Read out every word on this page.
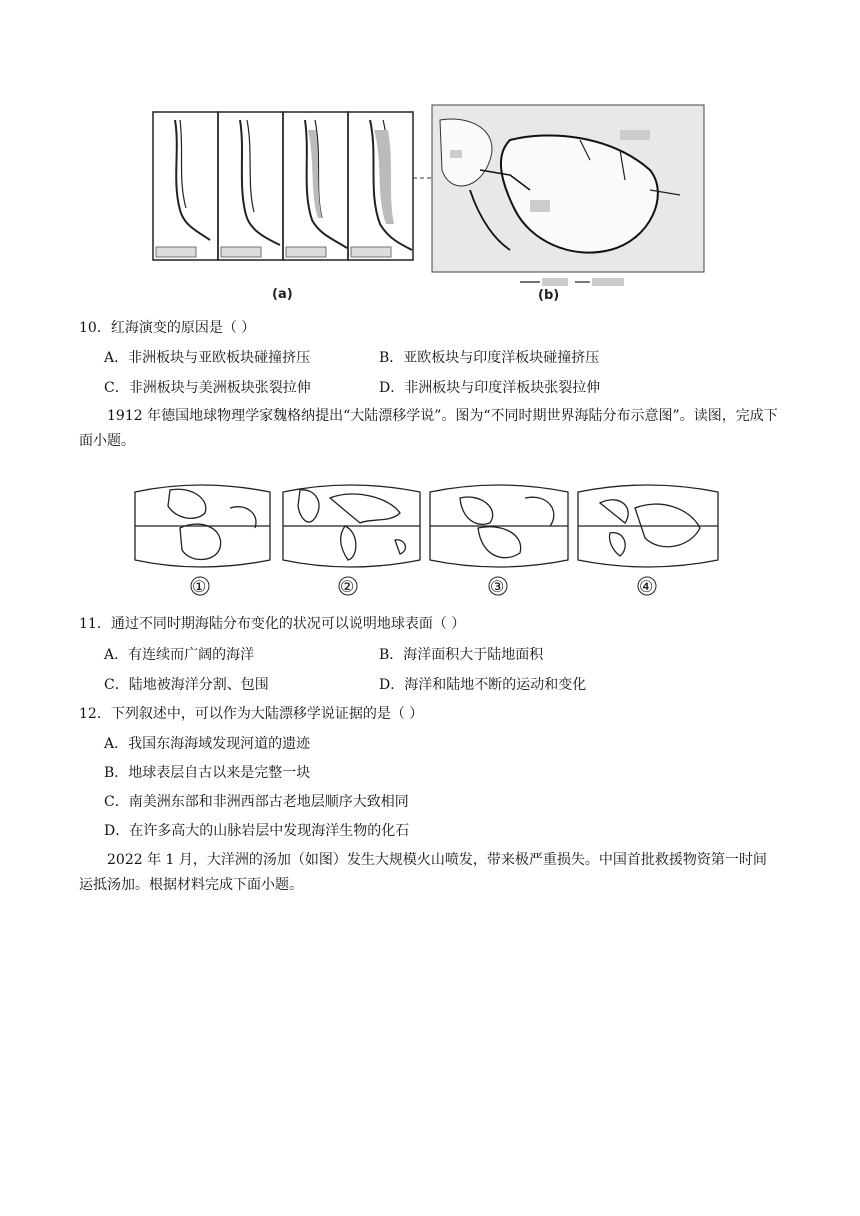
(a)	(b)
10．红海演变的原因是（ ）
A．非洲板块与亚欧板块碰撞挤压	B．亚欧板块与印度洋板块碰撞挤压
C．非洲板块与美洲板块张裂拉伸	D．非洲板块与印度洋板块张裂拉伸
1912 年德国地球物理学家魏格纳提出“大陆漂移学说”。图为“不同时期世界海陆分布示意图”。读图，完成下面小题。
①	②	③	④
11．通过不同时期海陆分布变化的状况可以说明地球表面（ ）
A．有连续而广阔的海洋	B．海洋面积大于陆地面积
C．陆地被海洋分割、包围	D．海洋和陆地不断的运动和变化
12．下列叙述中，可以作为大陆漂移学说证据的是（ ）
A．我国东海海域发现河道的遗迹
B．地球表层自古以来是完整一块
C．南美洲东部和非洲西部古老地层顺序大致相同
D．在许多高大的山脉岩层中发现海洋生物的化石
2022 年 1 月，大洋洲的汤加（如图）发生大规模火山喷发，带来极严重损失。中国首批救援物资第一时间运抵汤加。根据材料完成下面小题。
